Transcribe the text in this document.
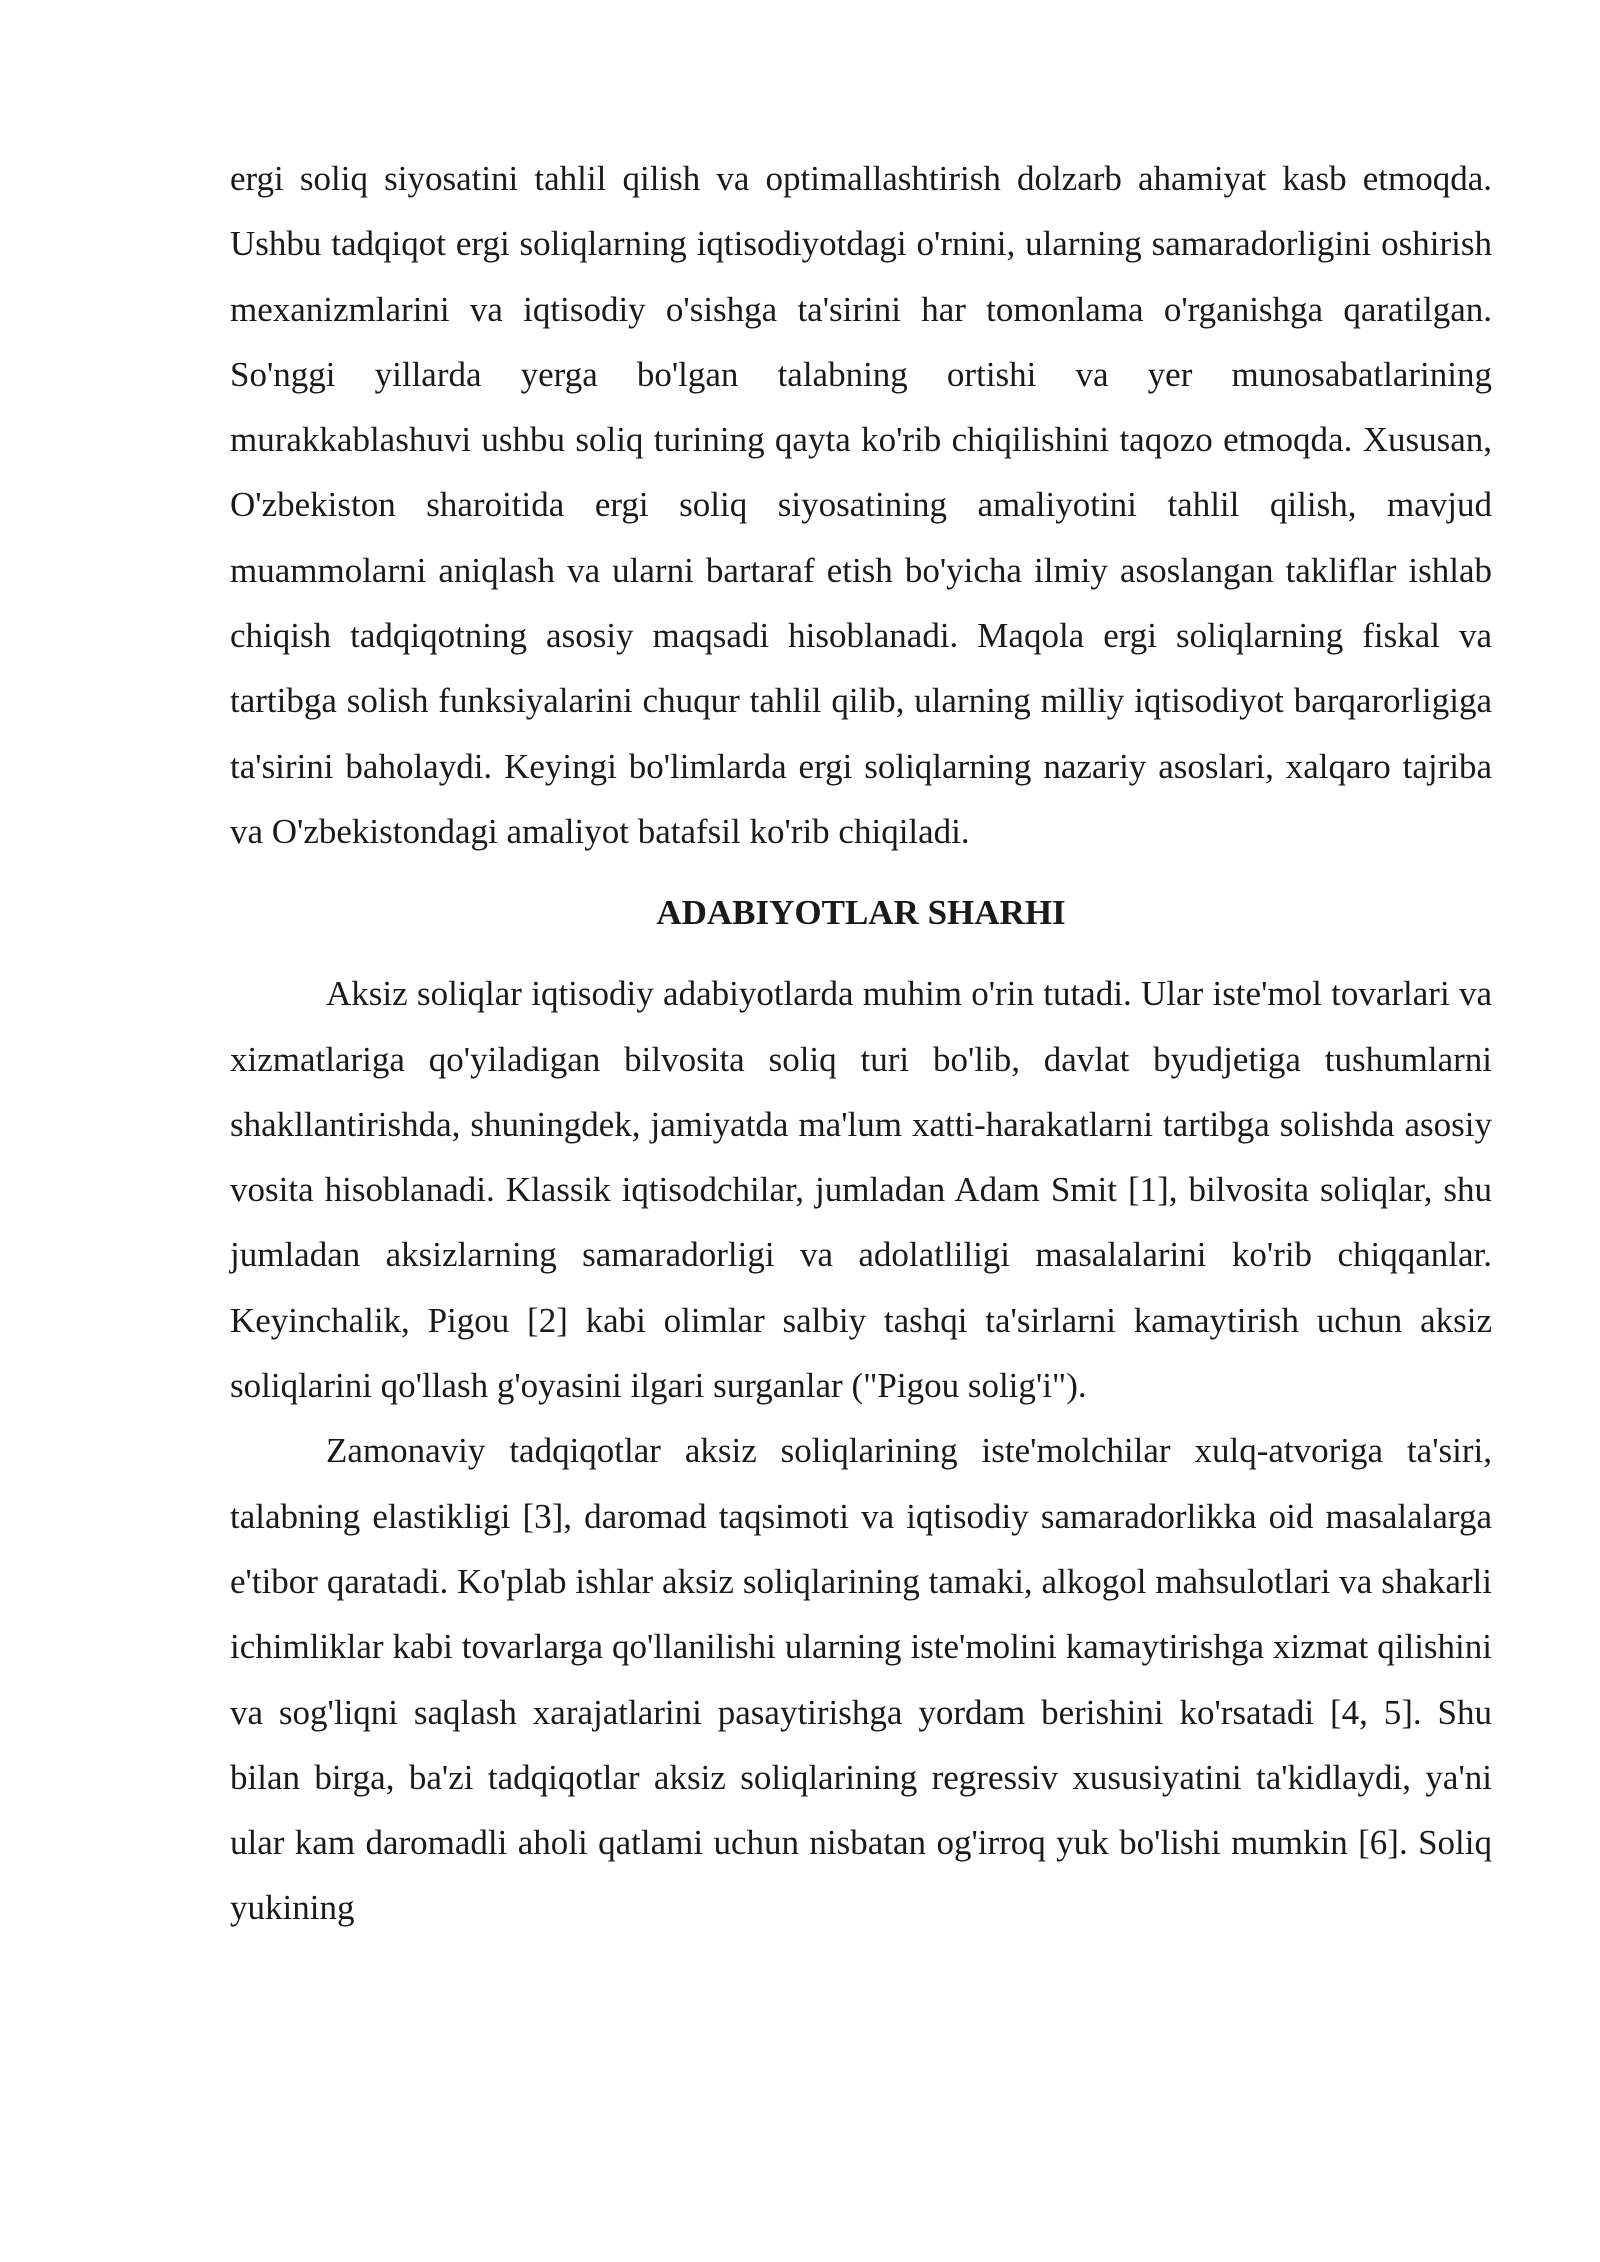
ergi soliq siyosatini tahlil qilish va optimallashtirish dolzarb ahamiyat kasb etmoqda. Ushbu tadqiqot ergi soliqlarning iqtisodiyotdagi o'rnini, ularning samaradorligini oshirish mexanizmlarini va iqtisodiy o'sishga ta'sirini har tomonlama o'rganishga qaratilgan. So'nggi yillarda yerga bo'lgan talabning ortishi va yer munosabatlarining murakkablashuvi ushbu soliq turining qayta ko'rib chiqilishini taqozo etmoqda. Xususan, O'zbekiston sharoitida ergi soliq siyosatining amaliyotini tahlil qilish, mavjud muammolarni aniqlash va ularni bartaraf etish bo'yicha ilmiy asoslangan takliflar ishlab chiqish tadqiqotning asosiy maqsadi hisoblanadi. Maqola ergi soliqlarning fiskal va tartibga solish funksiyalarini chuqur tahlil qilib, ularning milliy iqtisodiyot barqarorligiga ta'sirini baholaydi. Keyingi bo'limlarda ergi soliqlarning nazariy asoslari, xalqaro tajriba va O'zbekistondagi amaliyot batafsil ko'rib chiqiladi.

ADABIYOTLAR SHARHI

Aksiz soliqlar iqtisodiy adabiyotlarda muhim o'rin tutadi. Ular iste'mol tovarlari va xizmatlariga qo'yiladigan bilvosita soliq turi bo'lib, davlat byudjetiga tushumlarni shakllantirishda, shuningdek, jamiyatda ma'lum xatti-harakatlarni tartibga solishda asosiy vosita hisoblanadi. Klassik iqtisodchilar, jumladan Adam Smit [1], bilvosita soliqlar, shu jumladan aksizlarning samaradorligi va adolatliligi masalalarini ko'rib chiqqanlar. Keyinchalik, Pigou [2] kabi olimlar salbiy tashqi ta'sirlarni kamaytirish uchun aksiz soliqlarini qo'llash g'oyasini ilgari surganlar ("Pigou solig'i").

Zamonaviy tadqiqotlar aksiz soliqlarining iste'molchilar xulq-atvoriga ta'siri, talabning elastikligi [3], daromad taqsimoti va iqtisodiy samaradorlikka oid masalalarga e'tibor qaratadi. Ko'plab ishlar aksiz soliqlarining tamaki, alkogol mahsulotlari va shakarli ichimliklar kabi tovarlarga qo'llanilishi ularning iste'molini kamaytirishga xizmat qilishini va sog'liqni saqlash xarajatlarini pasaytirishga yordam berishini ko'rsatadi [4, 5]. Shu bilan birga, ba'zi tadqiqotlar aksiz soliqlarining regressiv xususiyatini ta'kidlaydi, ya'ni ular kam daromadli aholi qatlami uchun nisbatan og'irroq yuk bo'lishi mumkin [6]. Soliq yukining
